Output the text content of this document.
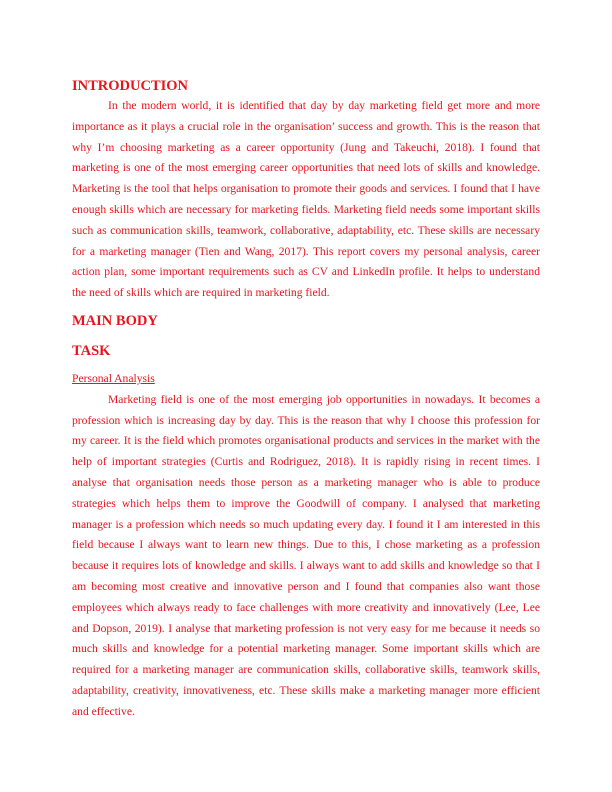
INTRODUCTION

In the modern world, it is identified that day by day marketing field get more and more importance as it plays a crucial role in the organisation’ success and growth. This is the reason that why I’m choosing marketing as a career opportunity (Jung and Takeuchi, 2018). I found that marketing is one of the most emerging career opportunities that need lots of skills and knowledge. Marketing is the tool that helps organisation to promote their goods and services. I found that I have enough skills which are necessary for marketing fields. Marketing field needs some important skills such as communication skills, teamwork, collaborative, adaptability, etc. These skills are necessary for a marketing manager (Tien and Wang, 2017). This report covers my personal analysis, career action plan, some important requirements such as CV and LinkedIn profile. It helps to understand the need of skills which are required in marketing field.

MAIN BODY
TASK

Personal Analysis

Marketing field is one of the most emerging job opportunities in nowadays. It becomes a profession which is increasing day by day. This is the reason that why I choose this profession for my career. It is the field which promotes organisational products and services in the market with the help of important strategies (Curtis and Rodriguez, 2018). It is rapidly rising in recent times. I analyse that organisation needs those person as a marketing manager who is able to produce strategies which helps them to improve the Goodwill of company. I analysed that marketing manager is a profession which needs so much updating every day. I found it I am interested in this field because I always want to learn new things. Due to this, I chose marketing as a profession because it requires lots of knowledge and skills. I always want to add skills and knowledge so that I am becoming most creative and innovative person and I found that companies also want those employees which always ready to face challenges with more creativity and innovatively (Lee, Lee and Dopson, 2019). I analyse that marketing profession is not very easy for me because it needs so much skills and knowledge for a potential marketing manager. Some important skills which are required for a marketing manager are communication skills, collaborative skills, teamwork skills, adaptability, creativity, innovativeness, etc. These skills make a marketing manager more efficient and effective.
